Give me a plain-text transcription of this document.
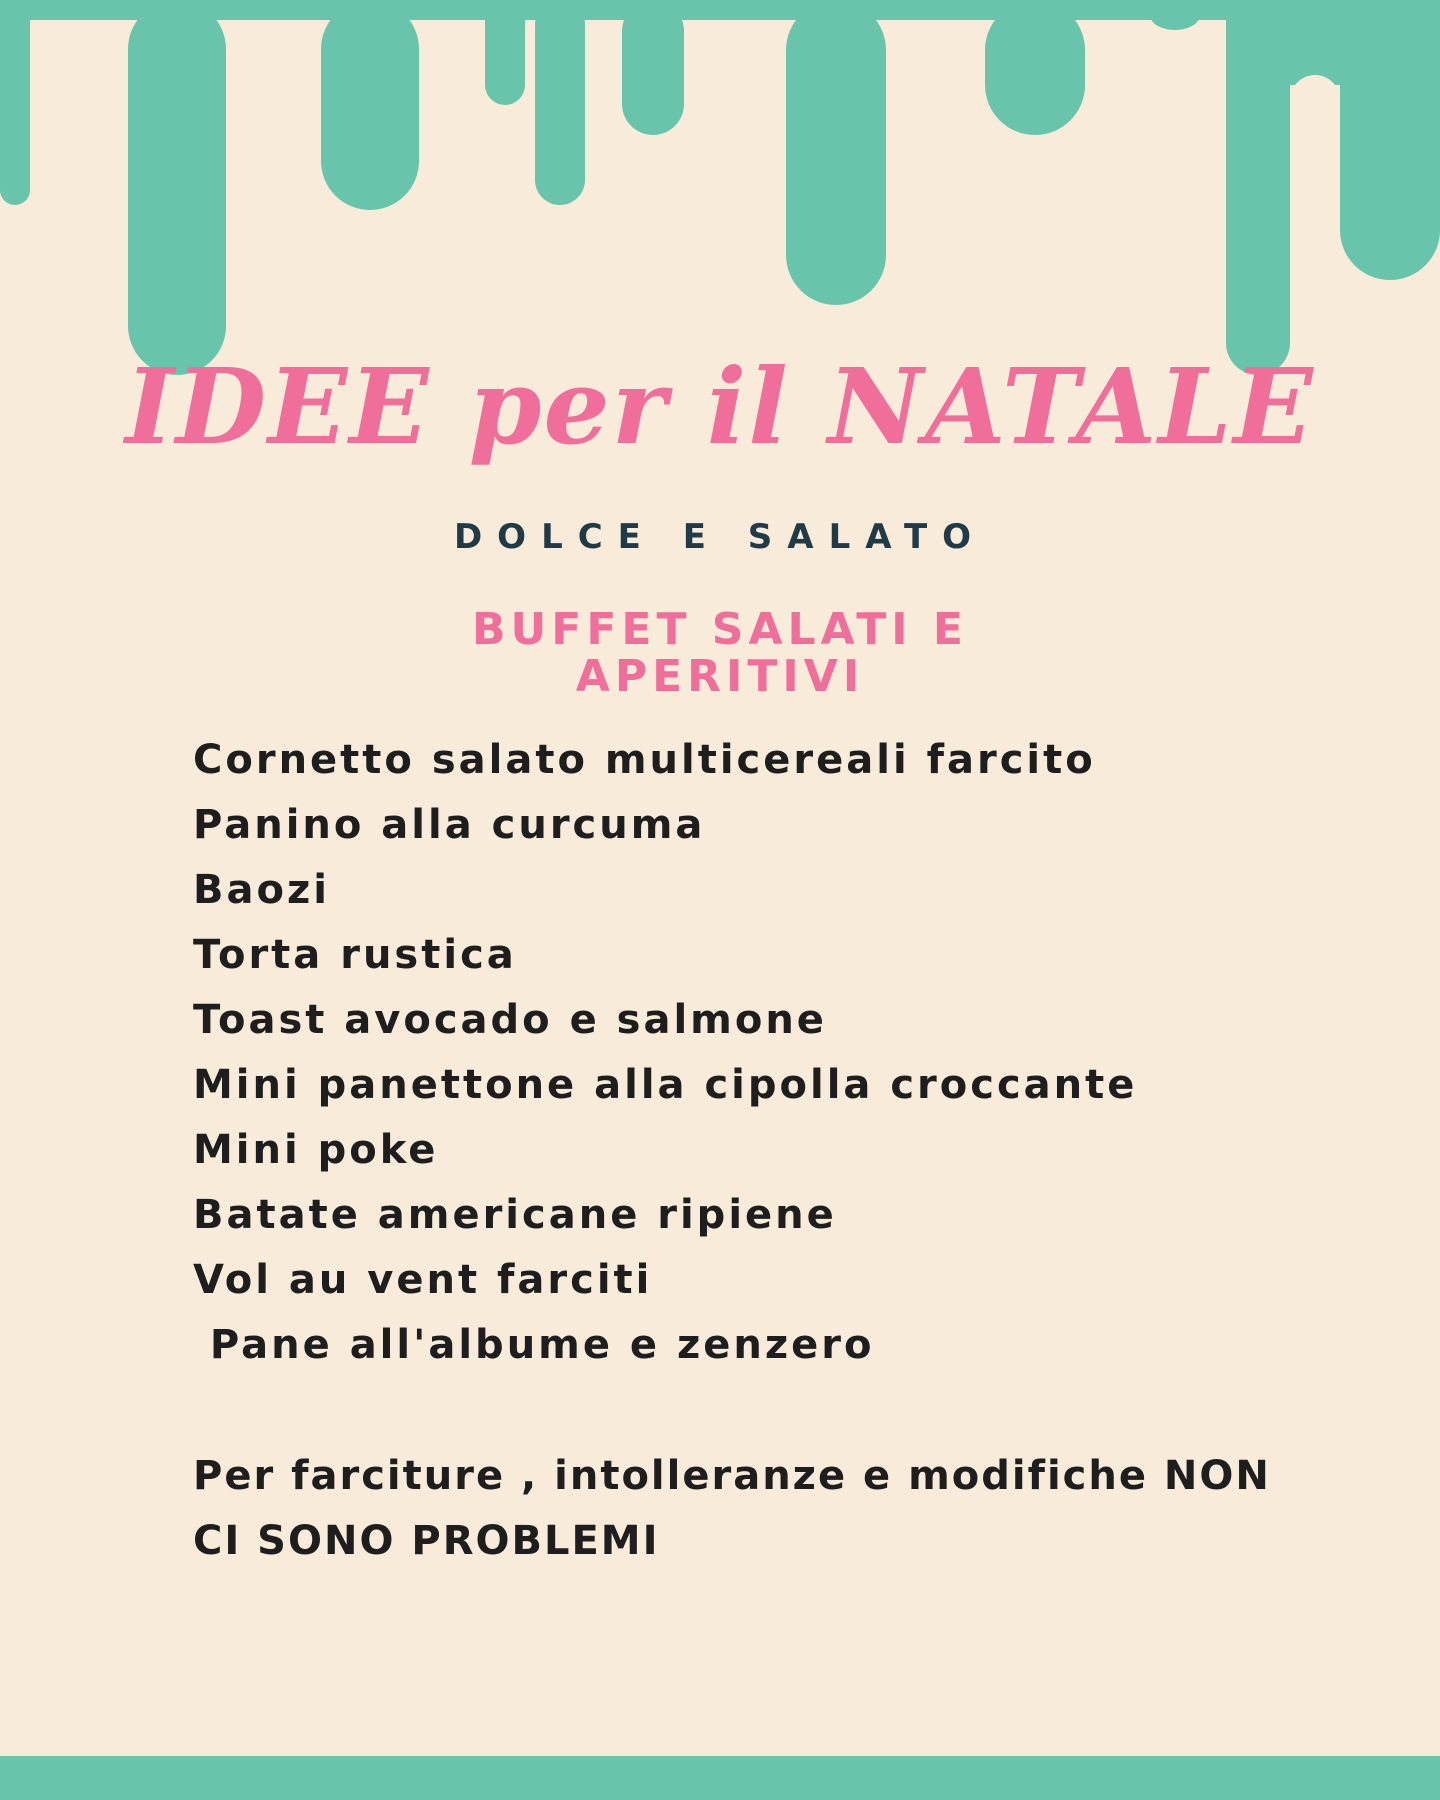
IDEE per il NATALE
DOLCE E SALATO
BUFFET SALATI E
APERITIVI
Cornetto salato multicereali farcito
Panino alla curcuma
Baozi
Torta rustica
Toast avocado e salmone
Mini panettone alla cipolla croccante
Mini poke
Batate americane ripiene
Vol au vent farciti
Pane all'albume e zenzero
Per farciture , intolleranze e modifiche NON
CI SONO PROBLEMI
